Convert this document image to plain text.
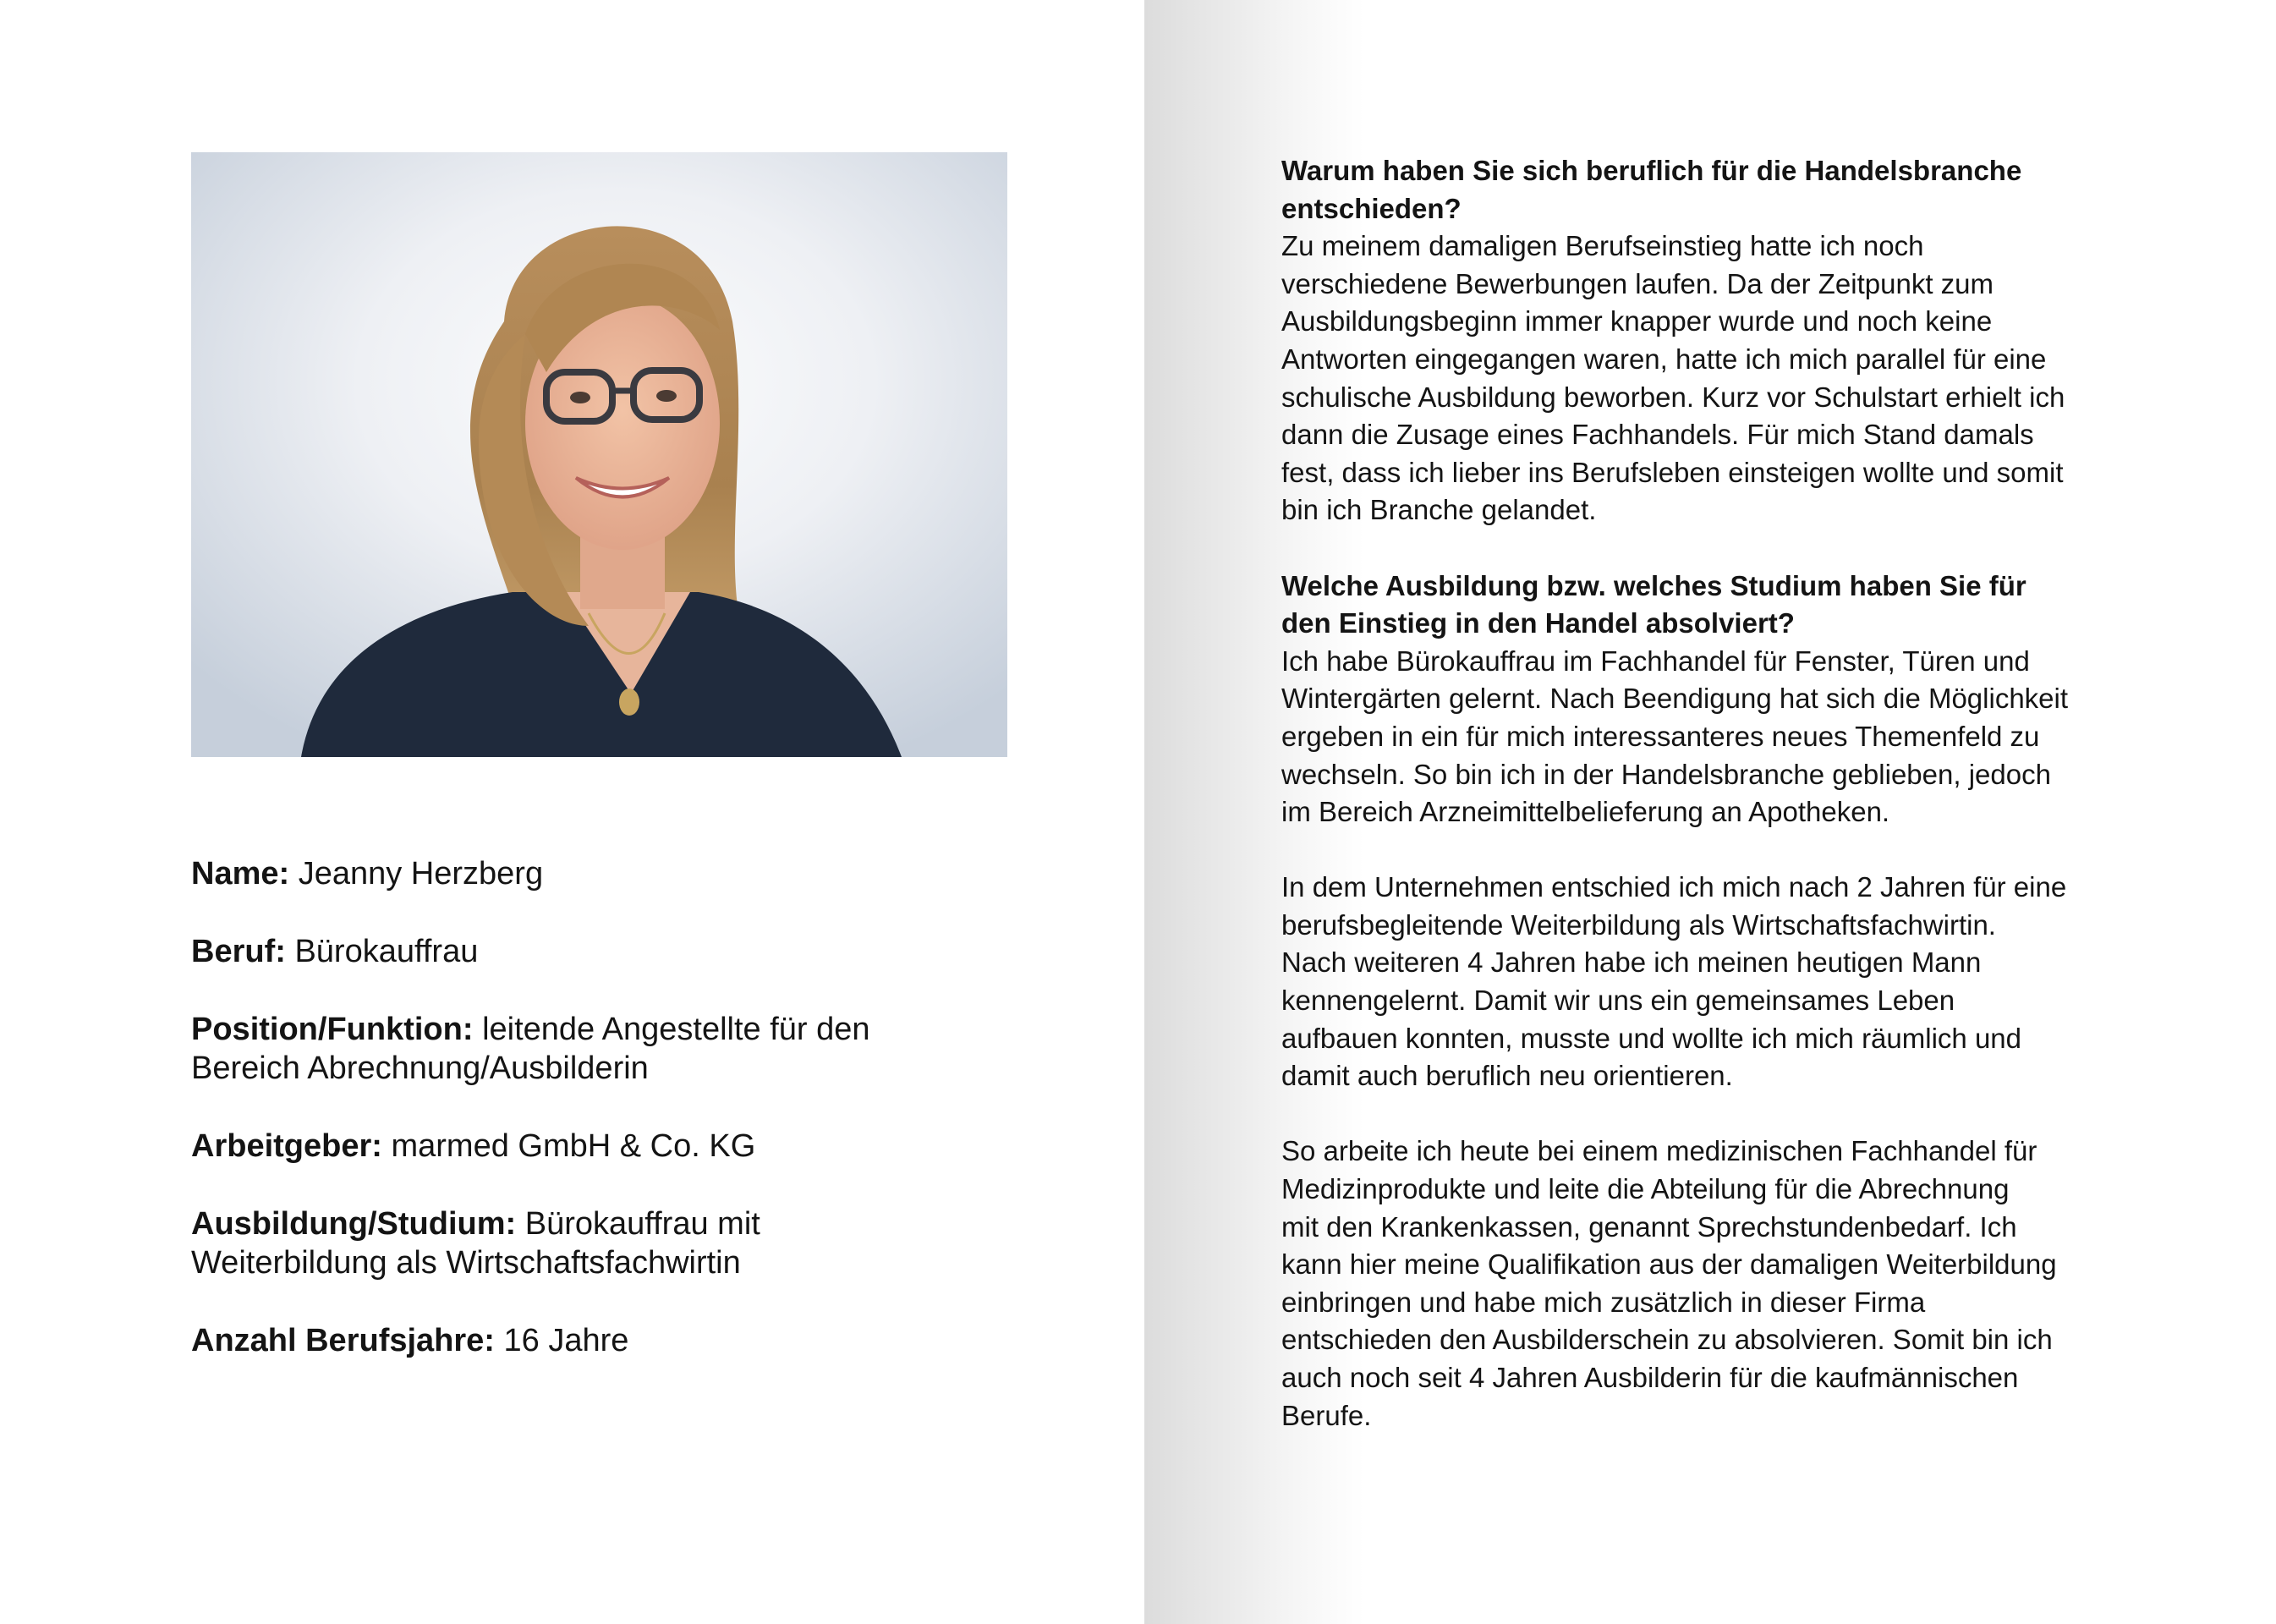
Name: Jeanny Herzberg

Beruf: Bürokauffrau

Position/Funktion: leitende Angestellte für den
Bereich Abrechnung/Ausbilderin

Arbeitgeber: marmed GmbH & Co. KG

Ausbildung/Studium: Bürokauffrau mit
Weiterbildung als Wirtschaftsfachwirtin

Anzahl Berufsjahre: 16 Jahre

Warum haben Sie sich beruflich für die Handelsbranche
entschieden?

Zu meinem damaligen Berufseinstieg hatte ich noch
verschiedene Bewerbungen laufen. Da der Zeitpunkt zum
Ausbildungsbeginn immer knapper wurde und noch keine
Antworten eingegangen waren, hatte ich mich parallel für eine
schulische Ausbildung beworben. Kurz vor Schulstart erhielt ich
dann die Zusage eines Fachhandels. Für mich Stand damals
fest, dass ich lieber ins Berufsleben einsteigen wollte und somit
bin ich Branche gelandet.

Welche Ausbildung bzw. welches Studium haben Sie für
den Einstieg in den Handel absolviert?

Ich habe Bürokauffrau im Fachhandel für Fenster, Türen und
Wintergärten gelernt. Nach Beendigung hat sich die Möglichkeit
ergeben in ein für mich interessanteres neues Themenfeld zu
wechseln. So bin ich in der Handelsbranche geblieben, jedoch
im Bereich Arzneimittelbelieferung an Apotheken.

In dem Unternehmen entschied ich mich nach 2 Jahren für eine
berufsbegleitende Weiterbildung als Wirtschaftsfachwirtin.
Nach weiteren 4 Jahren habe ich meinen heutigen Mann
kennengelernt. Damit wir uns ein gemeinsames Leben
aufbauen konnten, musste und wollte ich mich räumlich und
damit auch beruflich neu orientieren.

So arbeite ich heute bei einem medizinischen Fachhandel für
Medizinprodukte und leite die Abteilung für die Abrechnung
mit den Krankenkassen, genannt Sprechstundenbedarf. Ich
kann hier meine Qualifikation aus der damaligen Weiterbildung
einbringen und habe mich zusätzlich in dieser Firma
entschieden den Ausbilderschein zu absolvieren. Somit bin ich
auch noch seit 4 Jahren Ausbilderin für die kaufmännischen
Berufe.
